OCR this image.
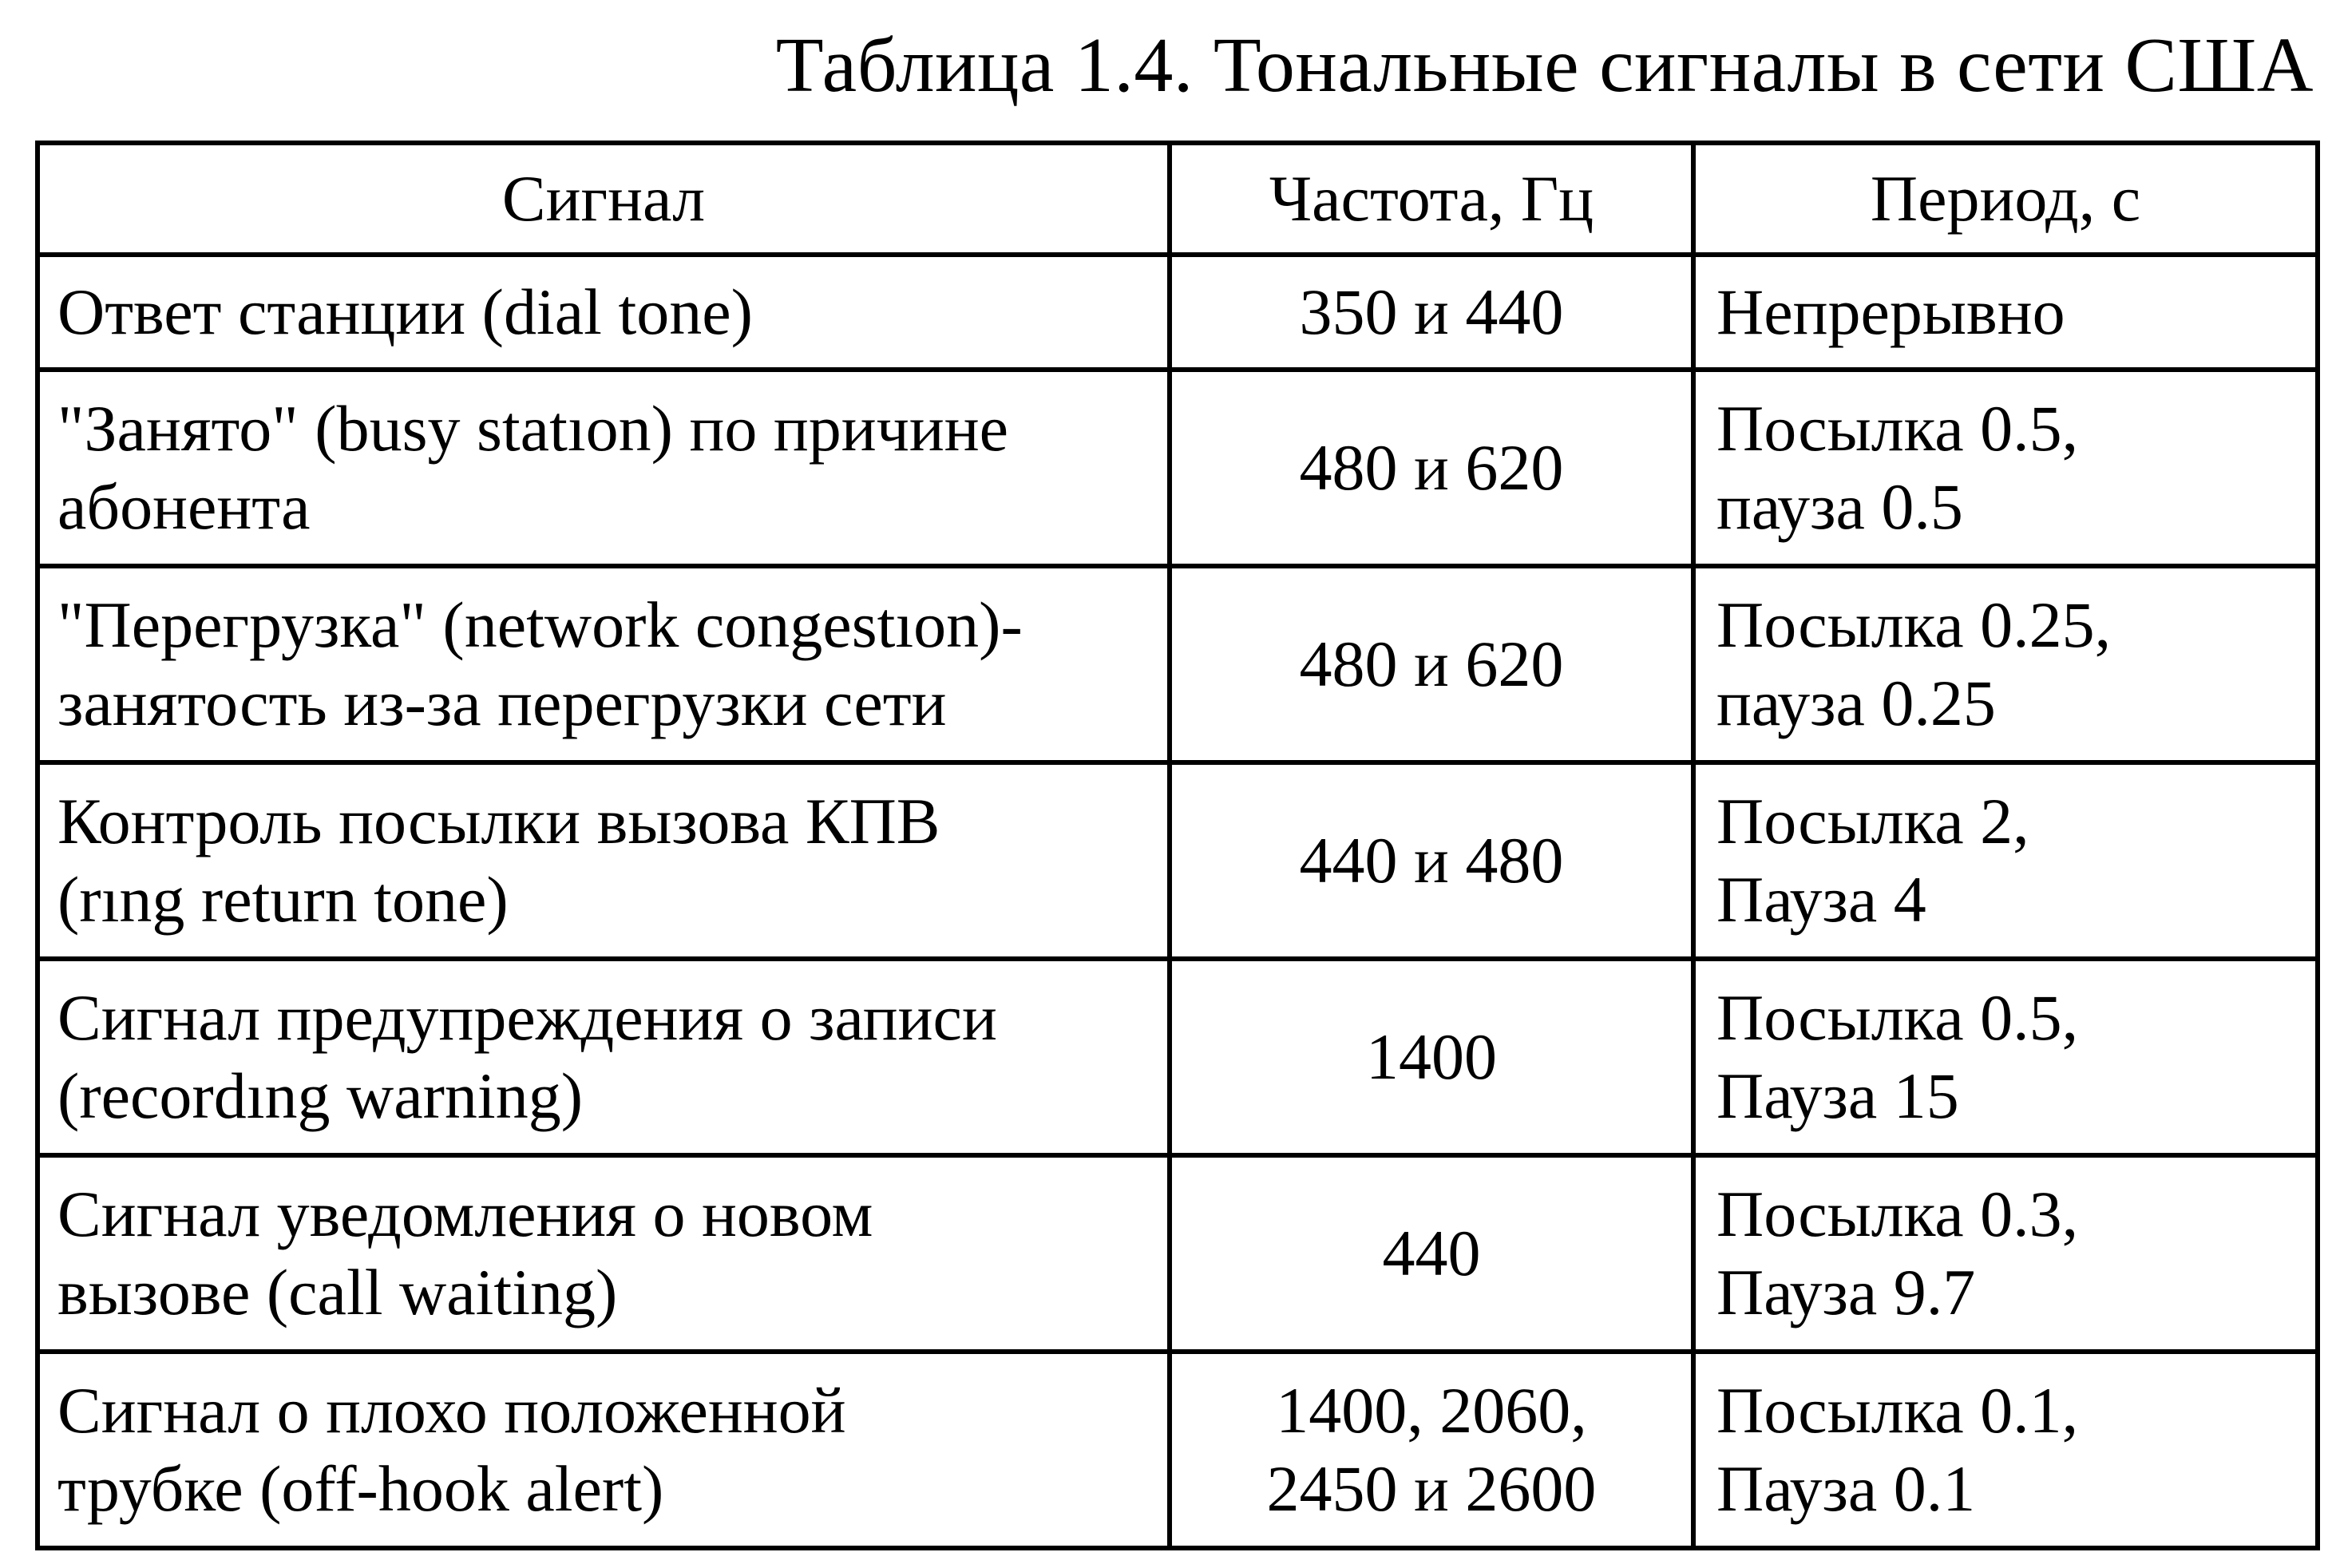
Таблица 1.4. Тональные сигналы в сети США
Сигнал	Частота, Гц	Период, с

Ответ станции (dial tone)	350 и 440	Непрерывно

"Занято" (busy statıon) по причине
абонента	480 и 620	Посылка 0.5,
пауза 0.5

"Перегрузка" (network congestıon)-
занятость из-за перегрузки сети	480 и 620	Посылка 0.25,
пауза 0.25

Контроль посылки вызова КПВ
(rıng return tone)	440 и 480	Посылка 2,
Пауза 4

Сигнал предупреждения о записи
(recordıng warning)	1400	Посылка 0.5,
Пауза 15

Сигнал уведомления о новом
вызове (call waiting)	440	Посылка 0.3,
Пауза 9.7

Сигнал о плохо положенной
трубке (off-hook alert)	1400, 2060,
2450 и 2600	Посылка 0.1,
Пауза 0.1
